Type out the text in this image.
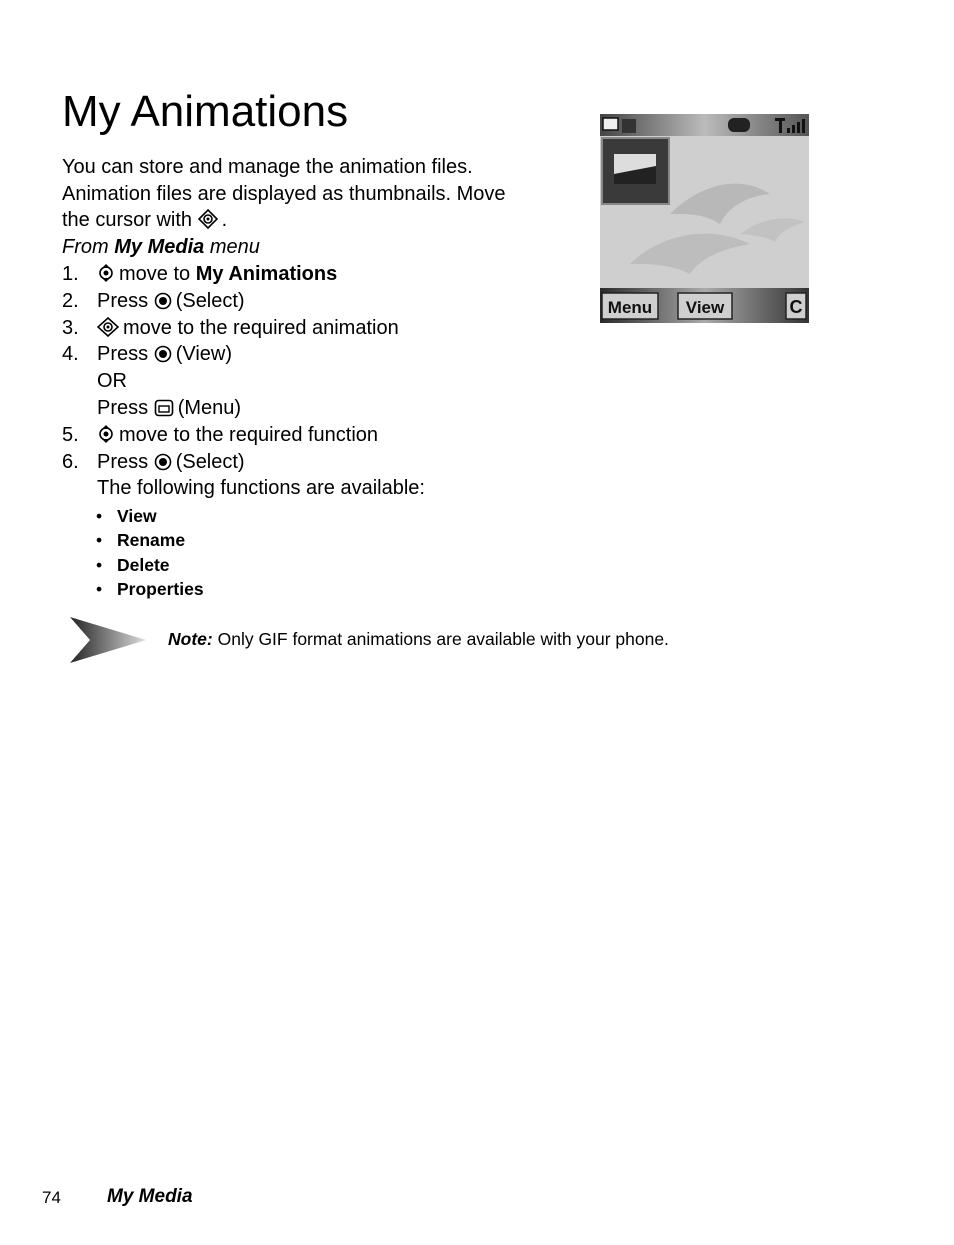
My Animations

You can store and manage the animation files.

Animation files are displayed as thumbnails. Move

the cursor with .

From My Media menu

1.	move to My Animations
2. Press (Select)
3.	move to the required animation
4. Press (View)
OR
Press (Menu)
5.	move to the required function
6. Press (Select)
The following functions are available:
• View
• Rename
• Delete
• Properties
Note: Only GIF format animations are available with your phone.
Menu View	C
74 My Media
